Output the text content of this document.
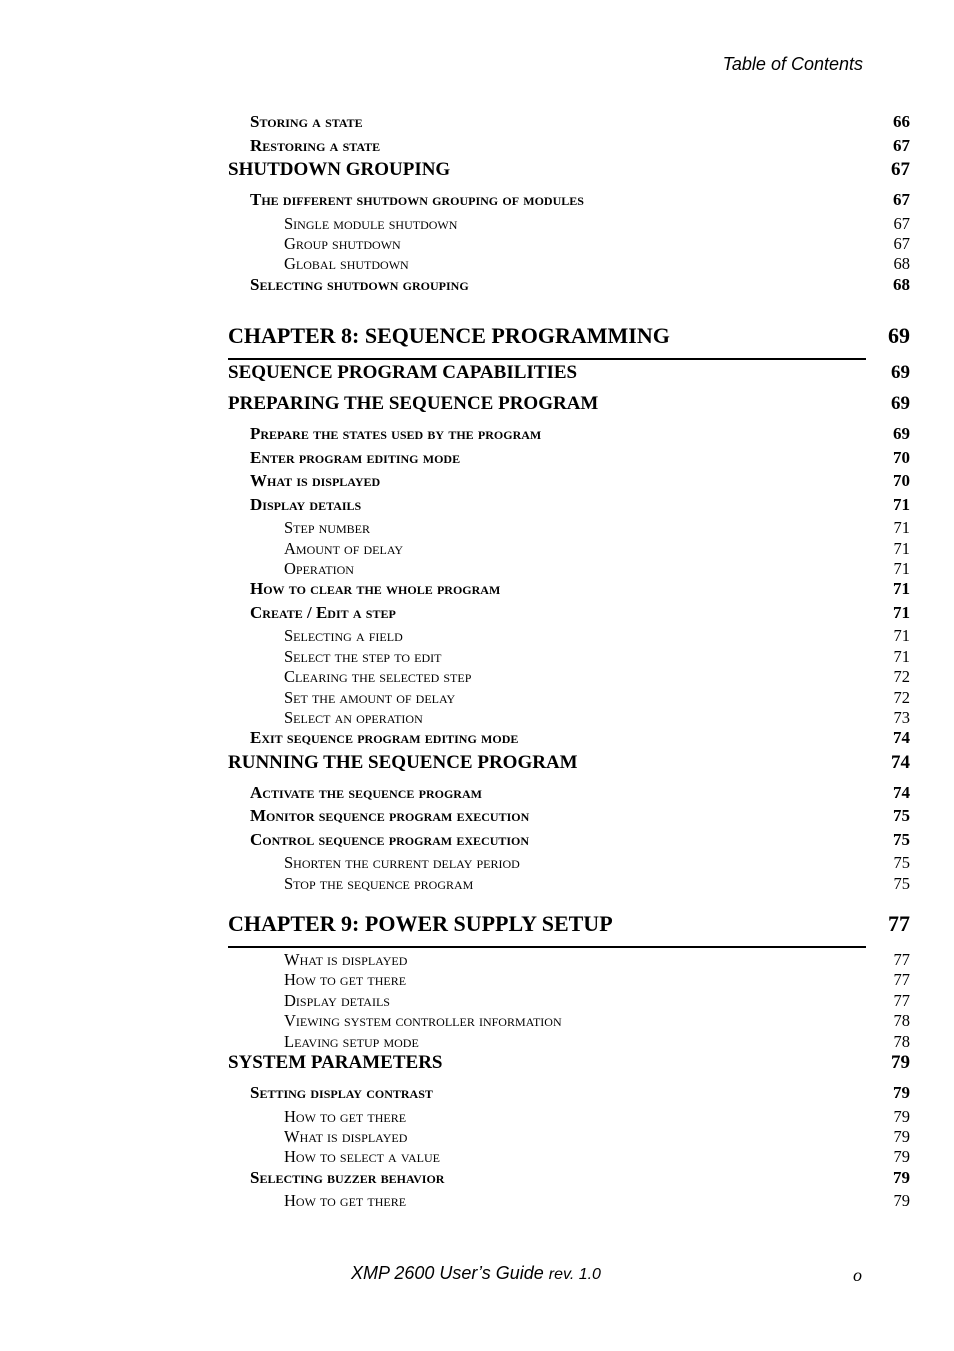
Table of Contents
Storing a state	66
Restoring a state	67
SHUTDOWN GROUPING	67
The different shutdown grouping of modules	67
Single module shutdown	67
Group shutdown	67
Global shutdown	68
Selecting shutdown grouping	68
CHAPTER 8: SEQUENCE PROGRAMMING	69
SEQUENCE PROGRAM CAPABILITIES	69
PREPARING THE SEQUENCE PROGRAM	69
Prepare the states used by the program	69
Enter program editing mode	70
What is displayed	70
Display details	71
Step number	71
Amount of delay	71
Operation	71
How to clear the whole program	71
Create / Edit a step	71
Selecting a field	71
Select the step to edit	71
Clearing the selected step	72
Set the amount of delay	72
Select an operation	73
Exit sequence program editing mode	74
RUNNING THE SEQUENCE PROGRAM	74
Activate the sequence program	74
Monitor sequence program execution	75
Control sequence program execution	75
Shorten the current delay period	75
Stop the sequence program	75
CHAPTER 9: POWER SUPPLY SETUP	77
What is displayed	77
How to get there	77
Display details	77
Viewing system controller information	78
Leaving setup mode	78
SYSTEM PARAMETERS	79
Setting display contrast	79
How to get there	79
What is displayed	79
How to select a value	79
Selecting buzzer behavior	79
How to get there	79
XMP 2600 User’s Guide rev. 1.0	o
